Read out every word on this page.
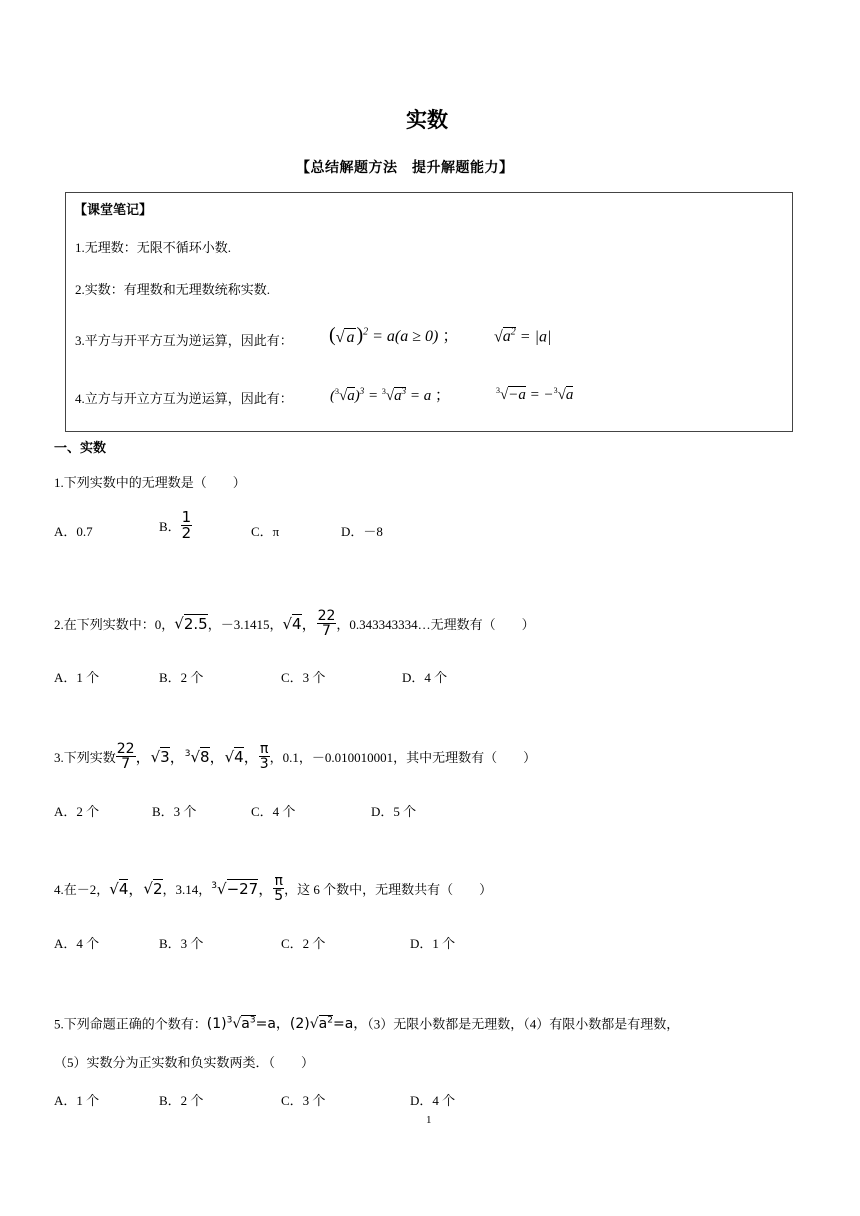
实数
【总结解题方法　提升解题能力】
【课堂笔记】
1.无理数：无限不循环小数.
2.实数：有理数和无理数统称实数.
3.平方与开平方互为逆运算，因此有： (√ a )$^2$ = a(a ≥ 0) ； $√a^2 = |a|$
4.立方与开立方互为逆运算，因此有： $(^3√a)^3 = ^3√a^3 = a$ ；	$^3$√−a = −$^3$√a
一、实数
1.下列实数中的无理数是（　　）
A．0.7	B． $\frac{1}{2}$	C．π	D．－8
2.在下列实数中：0，√2.5，－3.1415，√4， $\frac{22}{7}$ ，0.343343334…无理数有（　　）
A．1 个	B．2 个	C．3 个	D．4 个
3.下列实数 $\frac{22}{7}$ ，√3，$^3$√8，√4， $\frac{\pi}{3}$ ，0.1，－0.010010001，其中无理数有（　　）
A．2 个	B．3 个	C．4 个	D．5 个
4.在－2，√4，√2，3.14，$^3$√−27， $\frac{\pi}{5}$ ，这 6 个数中，无理数共有（　　）
A．4 个	B．3 个	C．2 个	D．1 个
5.下列命题正确的个数有：$(1)^3√a^3=a$，$(2)√a^2=a$，（3）无限小数都是无理数，（4）有限小数都是有理数，
（5）实数分为正实数和负实数两类．（　　）
A．1 个	B．2 个	C．3 个	D．4 个
1
